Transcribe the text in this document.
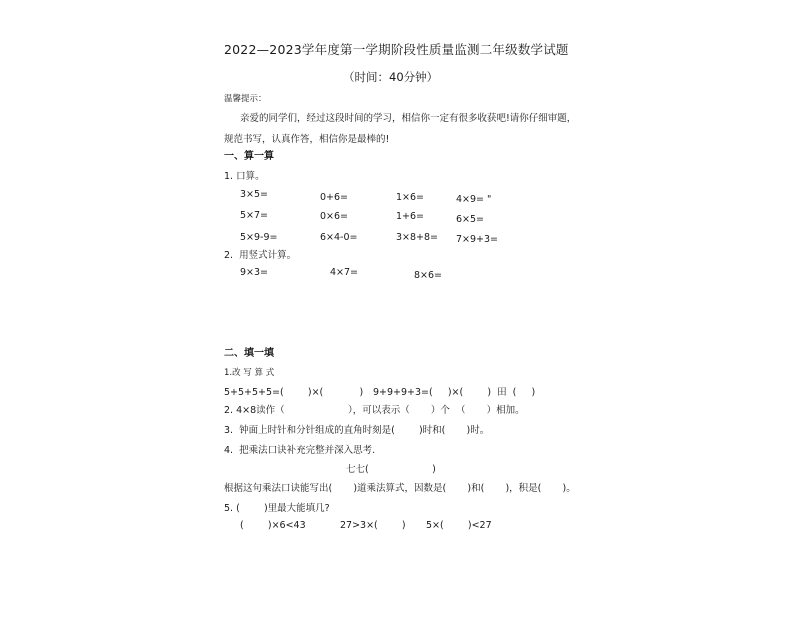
2022—2023学年度第一学期阶段性质量监测二年级数学试题
（时间：40分钟）
温馨提示：
亲爱的同学们，经过这段时间的学习，相信你一定有很多收获吧!请你仔细审题，
规范书写，认真作答，相信你是最棒的!
一、算一算
1. 口算。
3×5=	0+6=	1×6=	4×9= "
5×7=	0×6=	1+6=	6×5=
5×9-9=	6×4-0=	3×8+8= 7×9+3=
2.  用竖式计算。
9×3=	4×7=	8×6=
二、填一填
1.改 写 算 式
5+5+5+5=(        )×(            ) 9+9+9+3=(     )×(        )  田  (     )
2. 4×8读作（                     ），可以表示（       ）个  （       ）相加。
3.  钟面上时针和分针组成的直角时刻是(        )时和(       )时。
4.  把乘法口诀补充完整并深入思考.
七七(                     )
根据这句乘法口诀能写出(       )道乘法算式，因数是(       )和(       )，积是(       )。
5. (        )里最大能填几?
(        )×6<43	27>3×(        ) 5×(        )<27
